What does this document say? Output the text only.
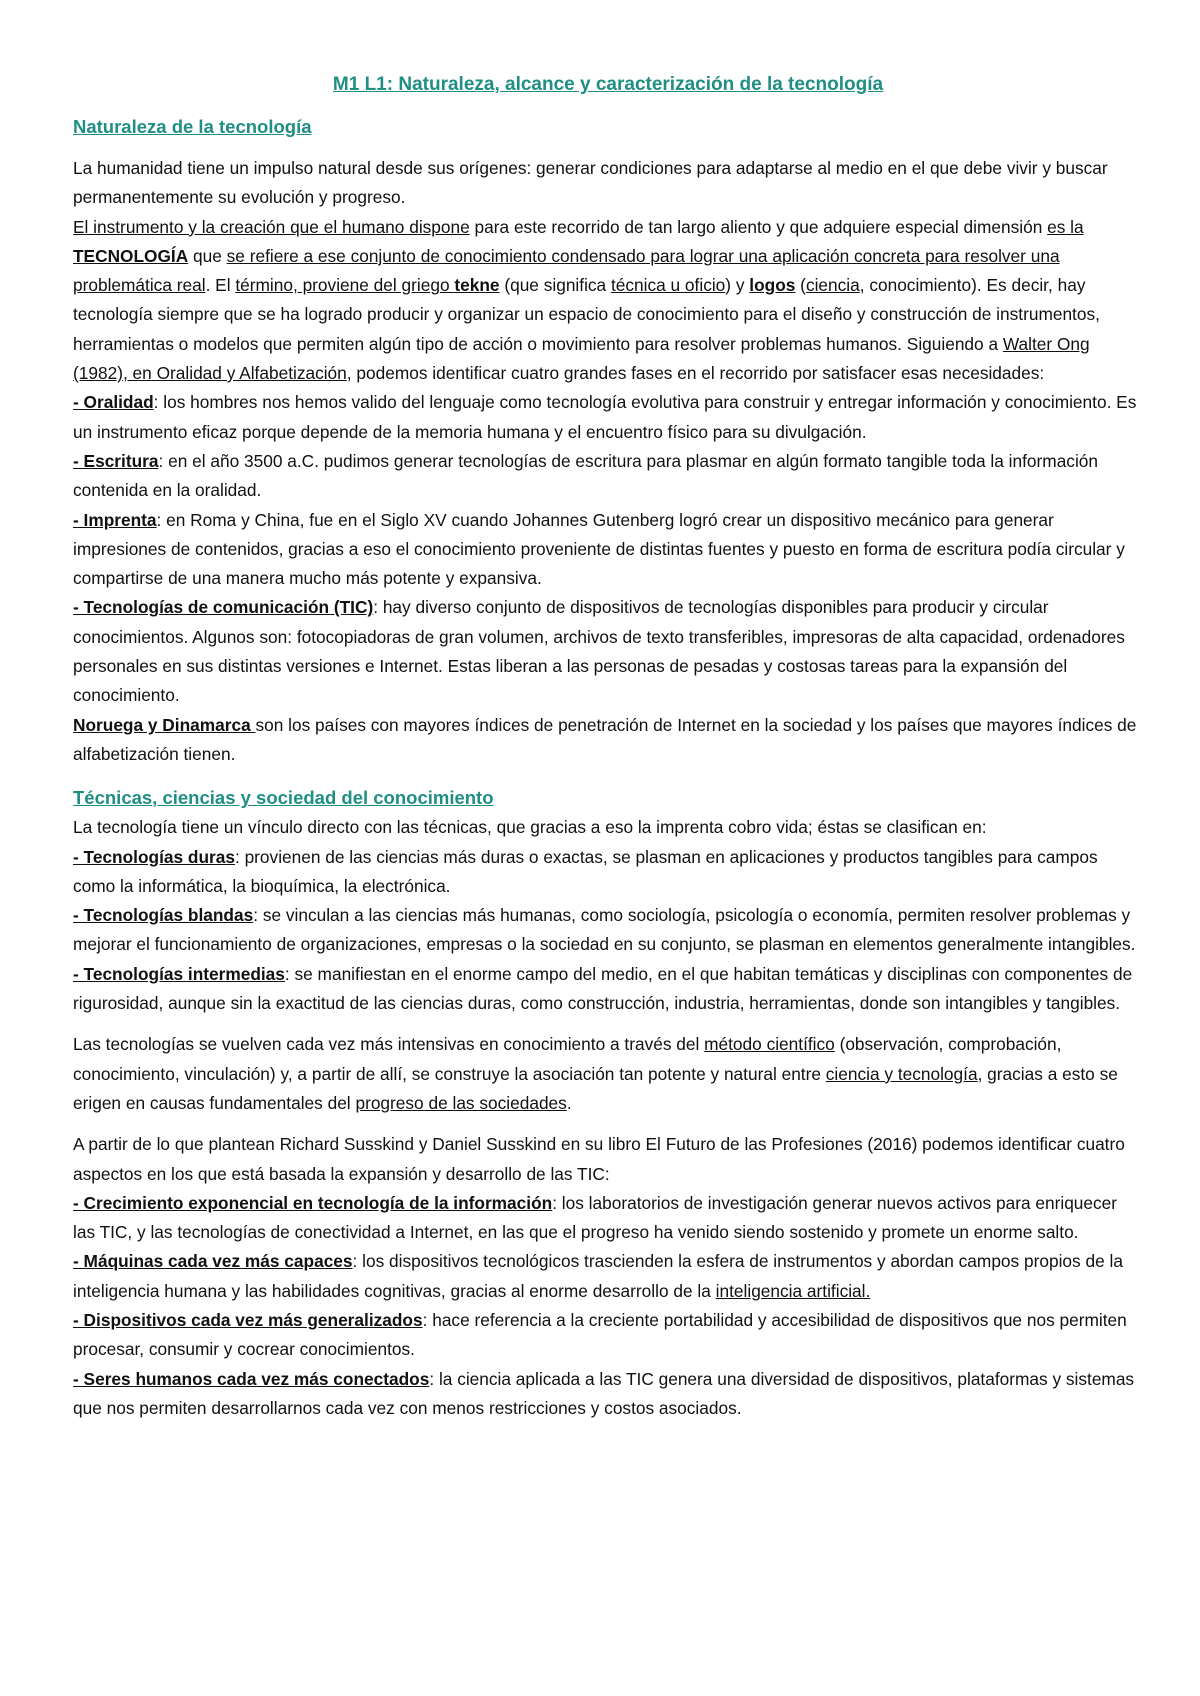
M1 L1: Naturaleza, alcance y caracterización de la tecnología
Naturaleza de la tecnología

La humanidad tiene un impulso natural desde sus orígenes: generar condiciones para adaptarse al medio en el que debe vivir y buscar permanentemente su evolución y progreso.

El instrumento y la creación que el humano dispone para este recorrido de tan largo aliento y que adquiere especial dimensión es la TECNOLOGÍA que se refiere a ese conjunto de conocimiento condensado para lograr una aplicación concreta para resolver una problemática real. El término, proviene del griego tekne (que significa técnica u oficio) y logos (ciencia, conocimiento). Es decir, hay tecnología siempre que se ha logrado producir y organizar un espacio de conocimiento para el diseño y construcción de instrumentos, herramientas o modelos que permiten algún tipo de acción o movimiento para resolver problemas humanos. Siguiendo a Walter Ong (1982), en Oralidad y Alfabetización, podemos identificar cuatro grandes fases en el recorrido por satisfacer esas necesidades:

- Oralidad: los hombres nos hemos valido del lenguaje como tecnología evolutiva para construir y entregar información y conocimiento. Es un instrumento eficaz porque depende de la memoria humana y el encuentro físico para su divulgación.

- Escritura: en el año 3500 a.C. pudimos generar tecnologías de escritura para plasmar en algún formato tangible toda la información contenida en la oralidad.

- Imprenta: en Roma y China, fue en el Siglo XV cuando Johannes Gutenberg logró crear un dispositivo mecánico para generar impresiones de contenidos, gracias a eso el conocimiento proveniente de distintas fuentes y puesto en forma de escritura podía circular y compartirse de una manera mucho más potente y expansiva.

- Tecnologías de comunicación (TIC): hay diverso conjunto de dispositivos de tecnologías disponibles para producir y circular conocimientos. Algunos son: fotocopiadoras de gran volumen, archivos de texto transferibles, impresoras de alta capacidad, ordenadores personales en sus distintas versiones e Internet. Estas liberan a las personas de pesadas y costosas tareas para la expansión del conocimiento.

Noruega y Dinamarca son los países con mayores índices de penetración de Internet en la sociedad y los países que mayores índices de alfabetización tienen.

Técnicas, ciencias y sociedad del conocimiento

La tecnología tiene un vínculo directo con las técnicas, que gracias a eso la imprenta cobro vida; éstas se clasifican en:

- Tecnologías duras: provienen de las ciencias más duras o exactas, se plasman en aplicaciones y productos tangibles para campos como la informática, la bioquímica, la electrónica.

- Tecnologías blandas: se vinculan a las ciencias más humanas, como sociología, psicología o economía, permiten resolver problemas y mejorar el funcionamiento de organizaciones, empresas o la sociedad en su conjunto, se plasman en elementos generalmente intangibles.

- Tecnologías intermedias: se manifiestan en el enorme campo del medio, en el que habitan temáticas y disciplinas con componentes de rigurosidad, aunque sin la exactitud de las ciencias duras, como construcción, industria, herramientas, donde son intangibles y tangibles.

Las tecnologías se vuelven cada vez más intensivas en conocimiento a través del método científico (observación, comprobación, conocimiento, vinculación) y, a partir de allí, se construye la asociación tan potente y natural entre ciencia y tecnología, gracias a esto se erigen en causas fundamentales del progreso de las sociedades.

A partir de lo que plantean Richard Susskind y Daniel Susskind en su libro El Futuro de las Profesiones (2016) podemos identificar cuatro aspectos en los que está basada la expansión y desarrollo de las TIC:

- Crecimiento exponencial en tecnología de la información: los laboratorios de investigación generar nuevos activos para enriquecer las TIC, y las tecnologías de conectividad a Internet, en las que el progreso ha venido siendo sostenido y promete un enorme salto.

- Máquinas cada vez más capaces: los dispositivos tecnológicos trascienden la esfera de instrumentos y abordan campos propios de la inteligencia humana y las habilidades cognitivas, gracias al enorme desarrollo de la inteligencia artificial.

- Dispositivos cada vez más generalizados: hace referencia a la creciente portabilidad y accesibilidad de dispositivos que nos permiten procesar, consumir y cocrear conocimientos.

- Seres humanos cada vez más conectados: la ciencia aplicada a las TIC genera una diversidad de dispositivos, plataformas y sistemas que nos permiten desarrollarnos cada vez con menos restricciones y costos asociados.
